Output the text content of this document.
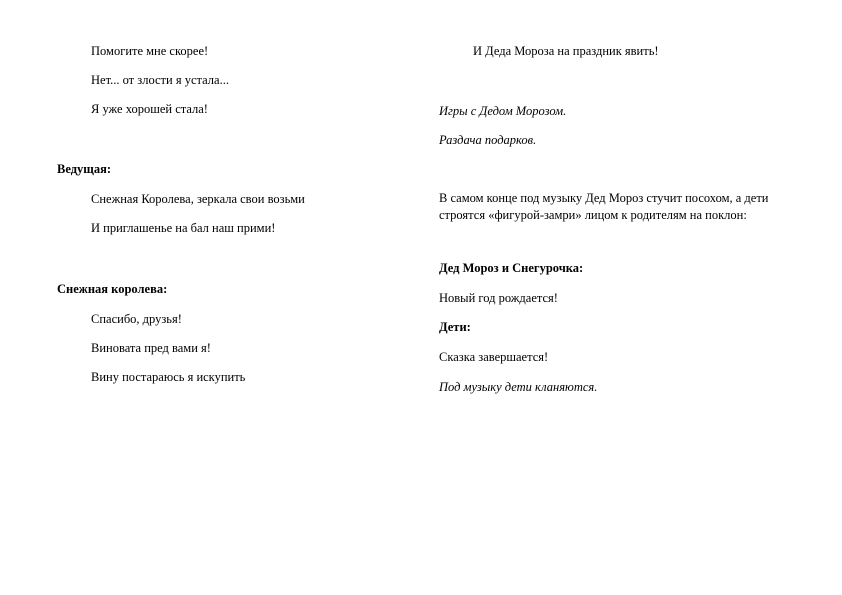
Помогите мне скорее!
Нет... от злости я устала...
Я уже хорошей стала!
Ведущая:
Снежная Королева, зеркала свои возьми
И приглашенье на бал наш прими!
Снежная королева:
Спасибо, друзья!
Виновата пред вами я!
Вину постараюсь я искупить
И Деда Мороза на праздник явить!
Игры с Дедом Морозом.
Раздача подарков.
В самом конце под музыку Дед Мороз стучит посохом, а дети строятся «фигурой-замри» лицом к родителям на поклон:
Дед Мороз и Снегурочка:
Новый год рождается!
Дети:
Сказка завершается!
Под музыку дети кланяются.
